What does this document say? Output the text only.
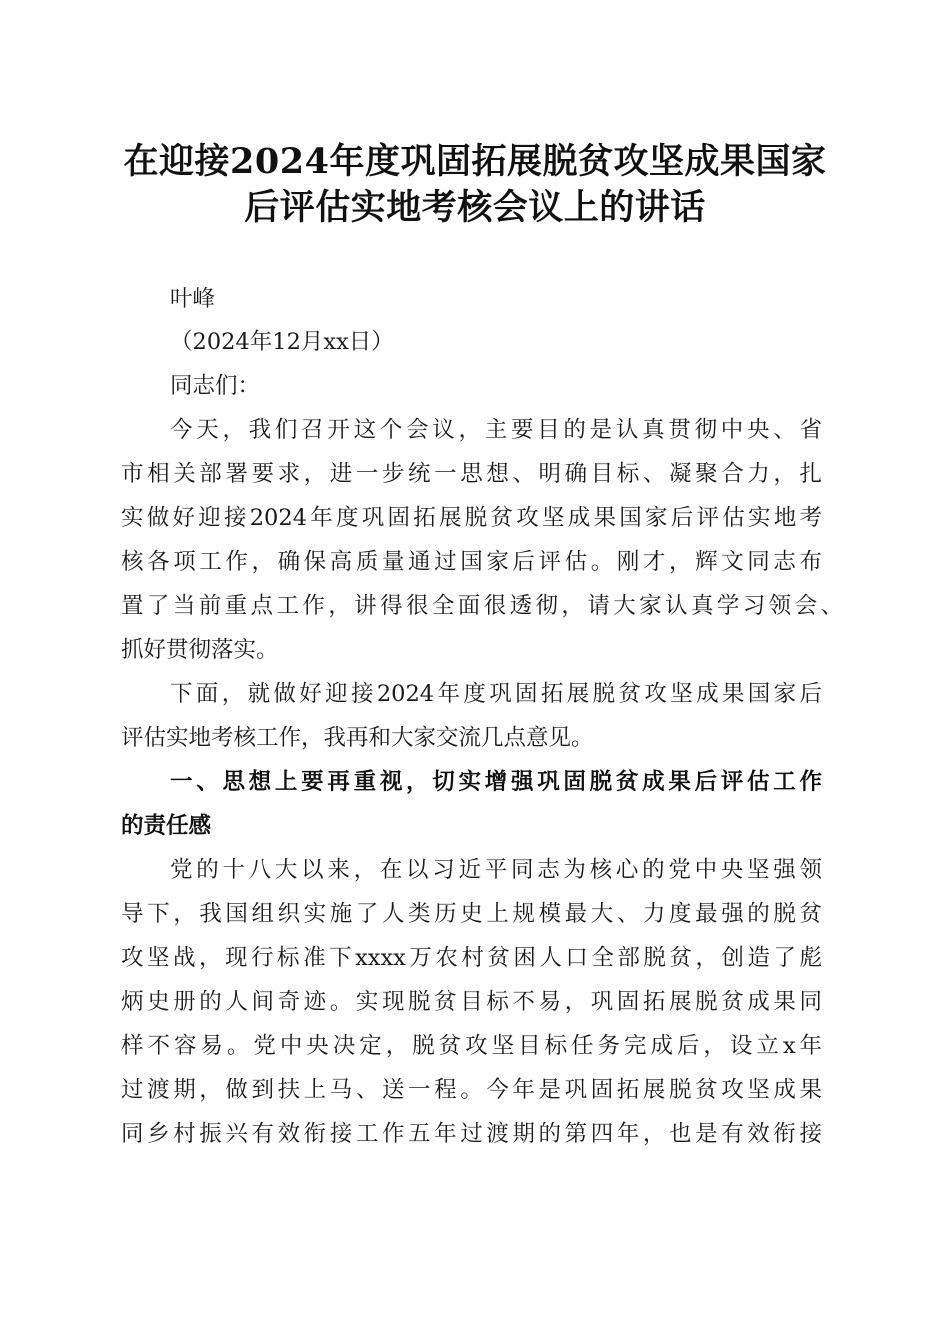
在迎接2024年度巩固拓展脱贫攻坚成果国家
后评估实地考核会议上的讲话
叶峰
（2024年12月xx日）
同志们：
今天，我们召开这个会议，主要目的是认真贯彻中央、省
市相关部署要求，进一步统一思想、明确目标、凝聚合力，扎
实做好迎接2024年度巩固拓展脱贫攻坚成果国家后评估实地考
核各项工作，确保高质量通过国家后评估。刚才，辉文同志布
置了当前重点工作，讲得很全面很透彻，请大家认真学习领会、
抓好贯彻落实。
下面，就做好迎接2024年度巩固拓展脱贫攻坚成果国家后
评估实地考核工作，我再和大家交流几点意见。
一、思想上要再重视，切实增强巩固脱贫成果后评估工作
的责任感
党的十八大以来，在以习近平同志为核心的党中央坚强领
导下，我国组织实施了人类历史上规模最大、力度最强的脱贫
攻坚战，现行标准下xxxx万农村贫困人口全部脱贫，创造了彪
炳史册的人间奇迹。实现脱贫目标不易，巩固拓展脱贫成果同
样不容易。党中央决定，脱贫攻坚目标任务完成后，设立x年
过渡期，做到扶上马、送一程。今年是巩固拓展脱贫攻坚成果
同乡村振兴有效衔接工作五年过渡期的第四年，也是有效衔接
